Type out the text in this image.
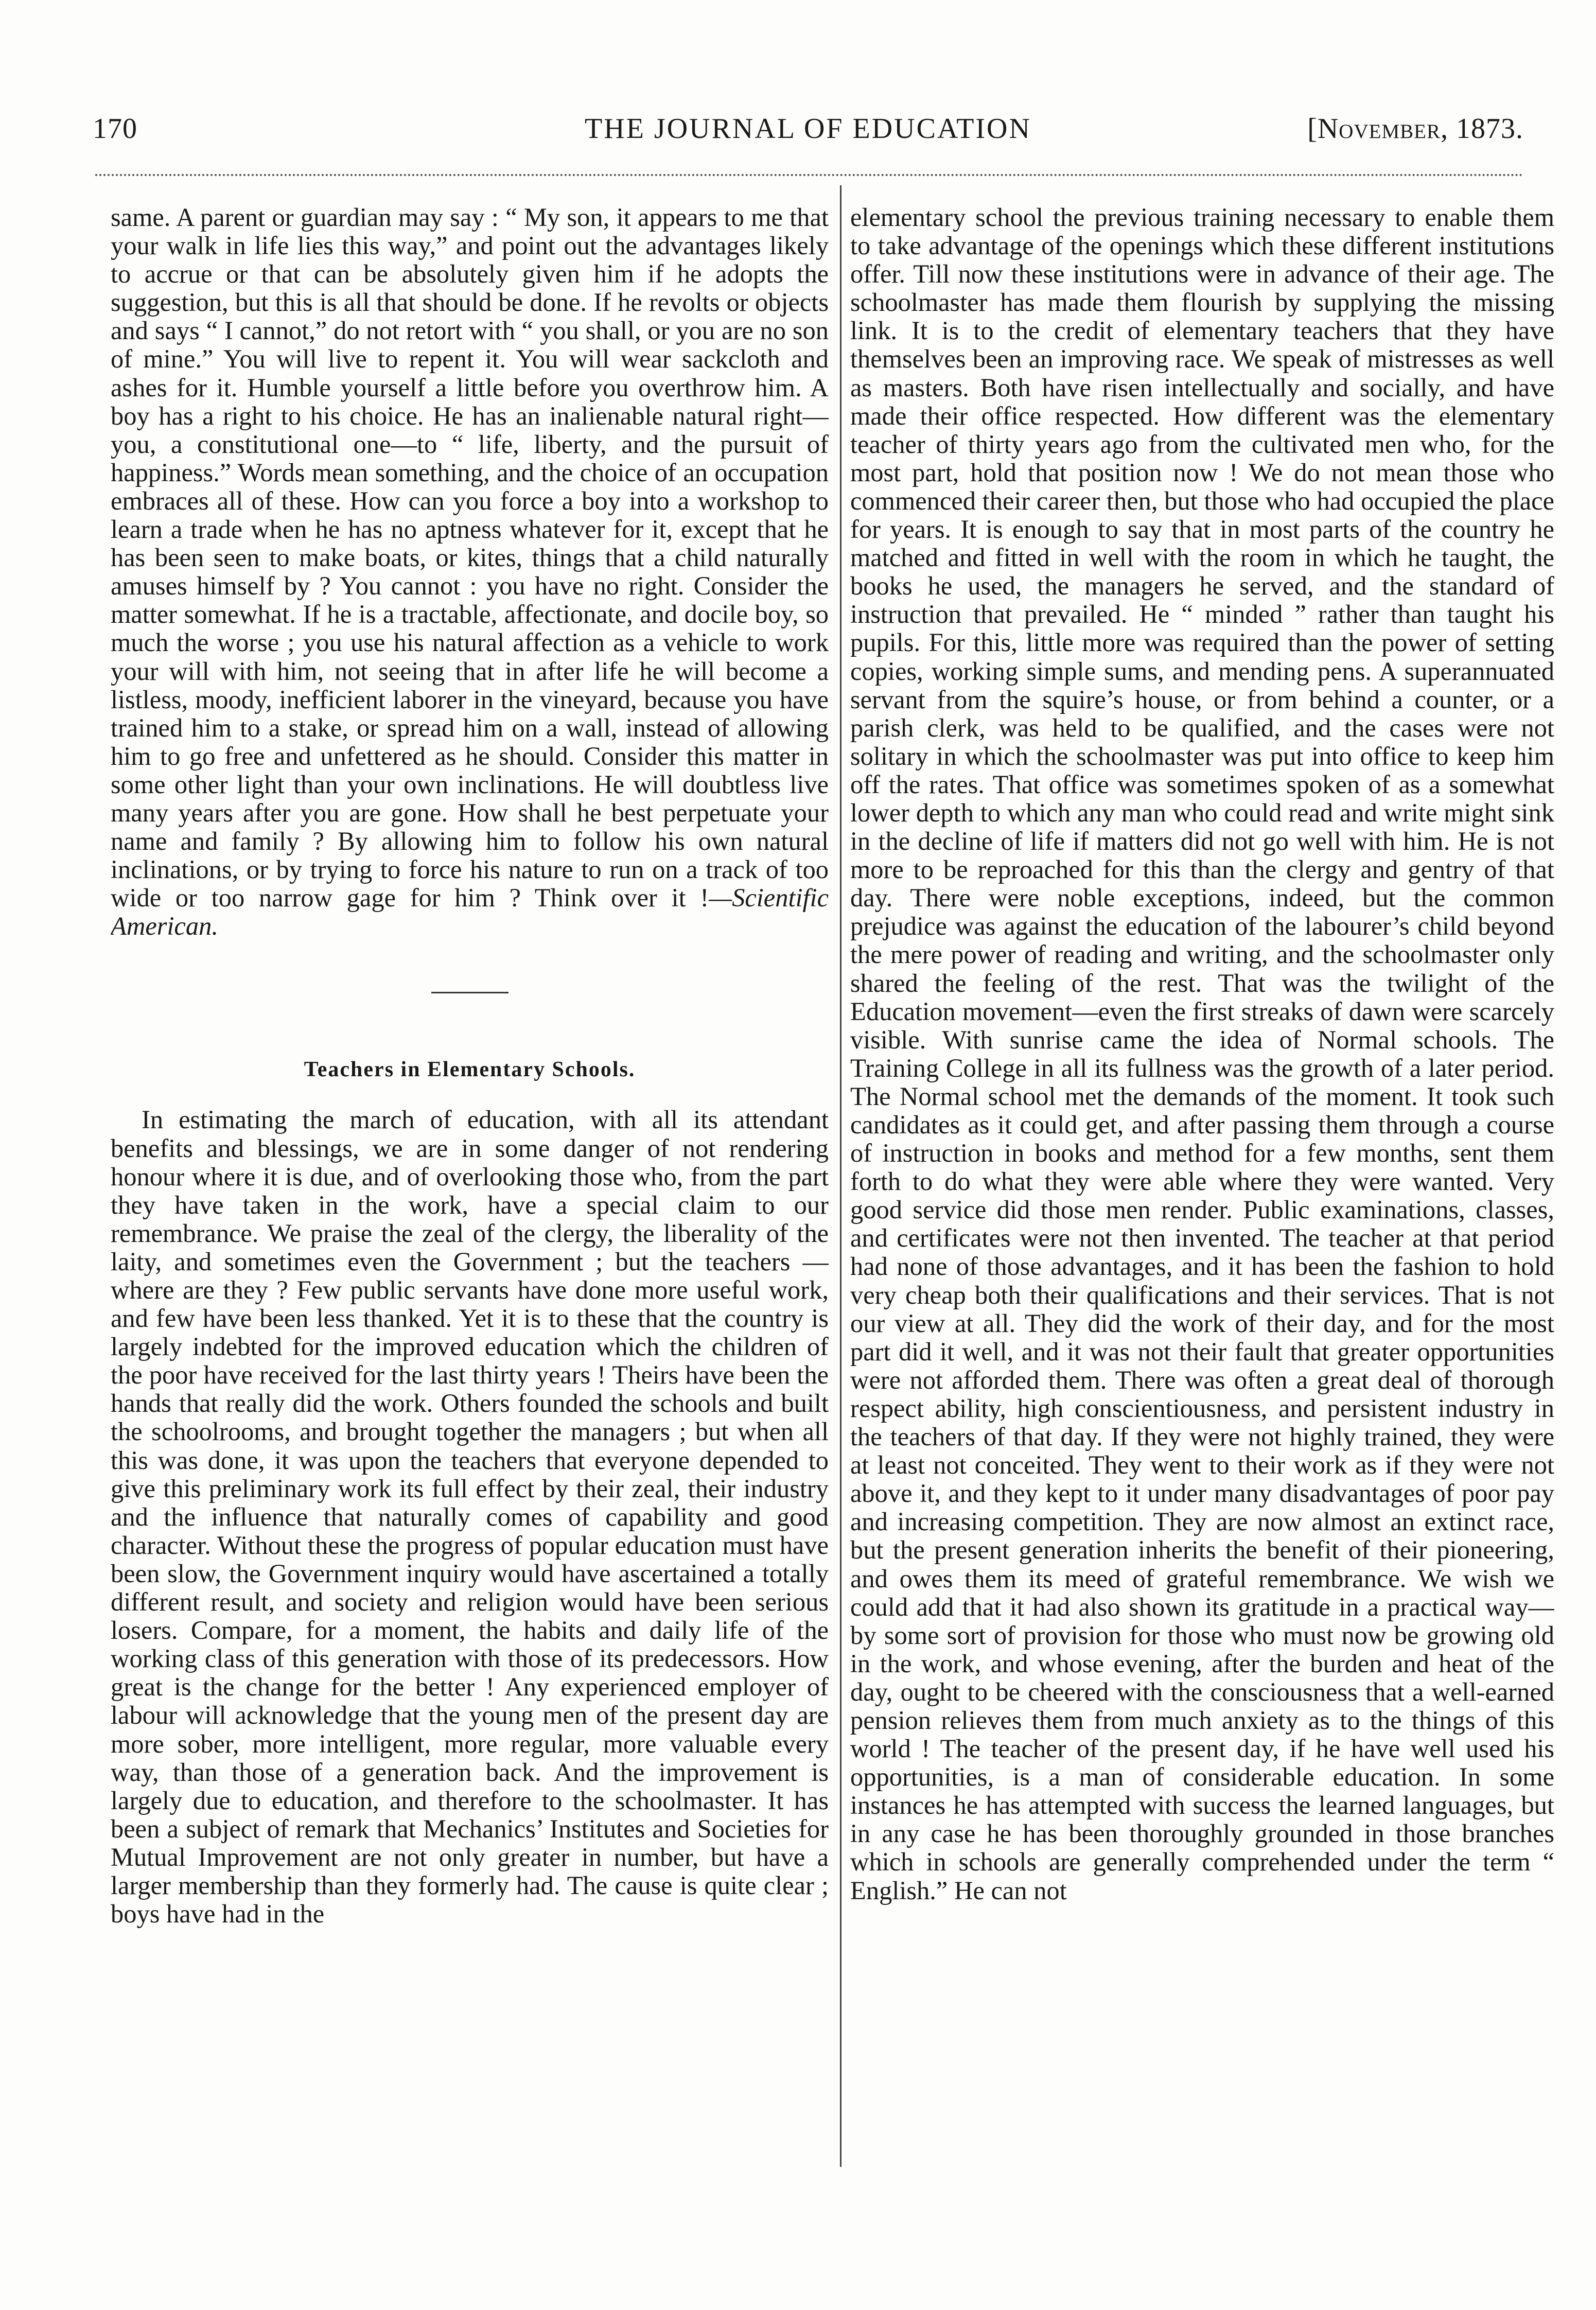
170	THE JOURNAL OF EDUCATION	[November, 1873.

same. A parent or guardian may say : “ My son, it appears to me that your walk in life lies this way,” and point out the advantages likely to accrue or that can be absolutely given him if he adopts the suggestion, but this is all that should be done. If he revolts or objects and says “ I cannot,” do not retort with “ you shall, or you are no son of mine.” You will live to repent it. You will wear sackcloth and ashes for it. Humble yourself a little before you overthrow him. A boy has a right to his choice. He has an inalienable natural right—you, a constitutional one—to “ life, liberty, and the pursuit of happiness.” Words mean something, and the choice of an occupation embraces all of these. How can you force a boy into a workshop to learn a trade when he has no aptness whatever for it, except that he has been seen to make boats, or kites, things that a child naturally amuses himself by ? You cannot : you have no right. Consider the matter somewhat. If he is a tractable, affectionate, and docile boy, so much the worse ; you use his natural affection as a vehicle to work your will with him, not seeing that in after life he will become a listless, moody, inefficient laborer in the vineyard, because you have trained him to a stake, or spread him on a wall, instead of allowing him to go free and unfettered as he should. Consider this matter in some other light than your own inclinations. He will doubtless live many years after you are gone. How shall he best perpetuate your name and family ? By allowing him to follow his own natural inclinations, or by trying to force his nature to run on a track of too wide or too narrow gage for him ? Think over it !—Scientific American.

Teachers in Elementary Schools.

In estimating the march of education, with all its attendant benefits and blessings, we are in some danger of not rendering honour where it is due, and of overlooking those who, from the part they have taken in the work, have a special claim to our remembrance. We praise the zeal of the clergy, the liberality of the laity, and sometimes even the Government ; but the teachers —where are they ? Few public servants have done more useful work, and few have been less thanked. Yet it is to these that the country is largely indebted for the improved education which the children of the poor have received for the last thirty years ! Theirs have been the hands that really did the work. Others founded the schools and built the schoolrooms, and brought together the managers ; but when all this was done, it was upon the teachers that everyone depended to give this preliminary work its full effect by their zeal, their industry and the influence that naturally comes of capability and good character. Without these the progress of popular education must have been slow, the Government inquiry would have ascertained a totally different result, and society and religion would have been serious losers. Compare, for a moment, the habits and daily life of the working class of this generation with those of its predecessors. How great is the change for the better ! Any experienced employer of labour will acknowledge that the young men of the present day are more sober, more intelligent, more regular, more valuable every way, than those of a generation back. And the improvement is largely due to education, and therefore to the schoolmaster. It has been a subject of remark that Mechanics’ Institutes and Societies for Mutual Improvement are not only greater in number, but have a larger membership than they formerly had. The cause is quite clear ; boys have had in the

elementary school the previous training necessary to enable them to take advantage of the openings which these different institutions offer. Till now these institutions were in advance of their age. The schoolmaster has made them flourish by supplying the missing link. It is to the credit of elementary teachers that they have themselves been an improving race. We speak of mistresses as well as masters. Both have risen intellectually and socially, and have made their office respected. How different was the elementary teacher of thirty years ago from the cultivated men who, for the most part, hold that position now ! We do not mean those who commenced their career then, but those who had occupied the place for years. It is enough to say that in most parts of the country he matched and fitted in well with the room in which he taught, the books he used, the managers he served, and the standard of instruction that prevailed. He “ minded ” rather than taught his pupils. For this, little more was required than the power of setting copies, working simple sums, and mending pens. A superannuated servant from the squire’s house, or from behind a counter, or a parish clerk, was held to be qualified, and the cases were not solitary in which the schoolmaster was put into office to keep him off the rates. That office was sometimes spoken of as a somewhat lower depth to which any man who could read and write might sink in the decline of life if matters did not go well with him. He is not more to be reproached for this than the clergy and gentry of that day. There were noble exceptions, indeed, but the common prejudice was against the education of the labourer’s child beyond the mere power of reading and writing, and the schoolmaster only shared the feeling of the rest. That was the twilight of the Education movement—even the first streaks of dawn were scarcely visible. With sunrise came the idea of Normal schools. The Training College in all its fullness was the growth of a later period. The Normal school met the demands of the moment. It took such candidates as it could get, and after passing them through a course of instruction in books and method for a few months, sent them forth to do what they were able where they were wanted. Very good service did those men render. Public examinations, classes, and certificates were not then invented. The teacher at that period had none of those advantages, and it has been the fashion to hold very cheap both their qualifications and their services. That is not our view at all. They did the work of their day, and for the most part did it well, and it was not their fault that greater opportunities were not afforded them. There was often a great deal of thorough respect ability, high conscientiousness, and persistent industry in the teachers of that day. If they were not highly trained, they were at least not conceited. They went to their work as if they were not above it, and they kept to it under many disadvantages of poor pay and increasing competition. They are now almost an extinct race, but the present generation inherits the benefit of their pioneering, and owes them its meed of grateful remembrance. We wish we could add that it had also shown its gratitude in a practical way—by some sort of provision for those who must now be growing old in the work, and whose evening, after the burden and heat of the day, ought to be cheered with the consciousness that a well-earned pension relieves them from much anxiety as to the things of this world ! The teacher of the present day, if he have well used his opportunities, is a man of considerable education. In some instances he has attempted with success the learned languages, but in any case he has been thoroughly grounded in those branches which in schools are generally comprehended under the term “ English.” He can not
